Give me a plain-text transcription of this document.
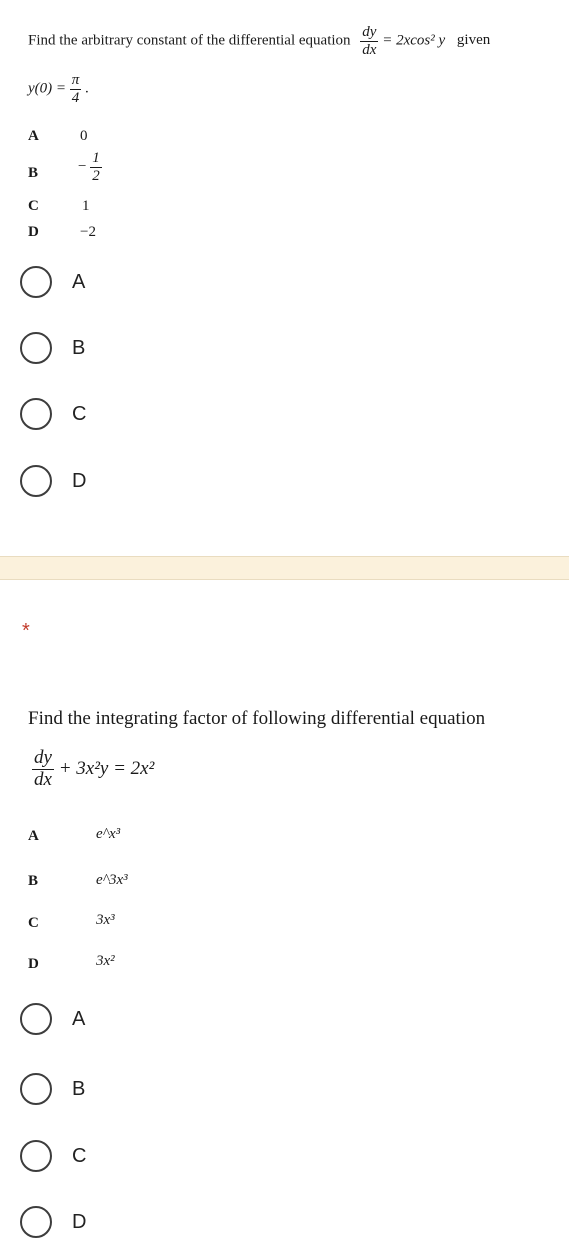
Find the arbitrary constant of the differential equation $\frac{dy}{dx} = 2xcos^2$ y given
$y(0) = \frac{\pi}{4}$ .
A	0
B	− $\frac{1}{2}$
C	1
D	−2
A
B
C
D
*
Find the integrating factor of following differential equation
$\frac{dy}{dx} + 3x^2y = 2x^2$
A	e^x³
B	e^3x³
C	3x³
D	3x²
A
B
C
D
